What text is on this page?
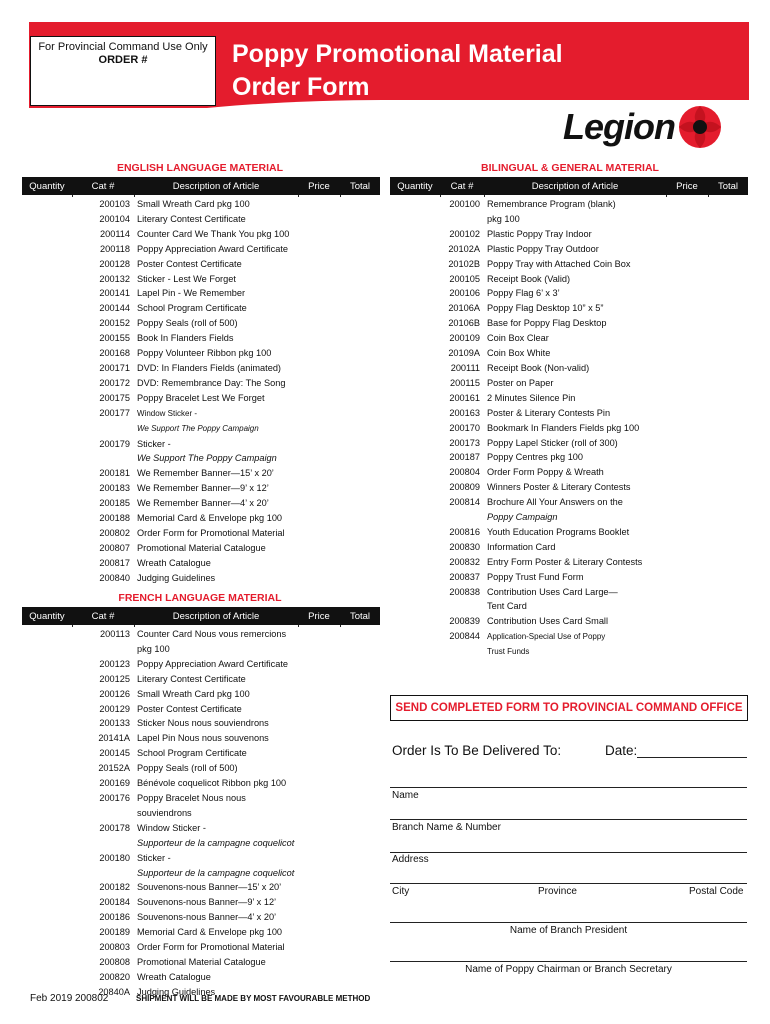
For Provincial Command Use Only
ORDER #	Poppy Promotional Material
Order Form
Legion
ENGLISH LANGUAGE MATERIAL
Quantity	Cat #	Description of Article	Price	Total
200103 Small Wreath Card pkg 100
200104 Literary Contest Certificate
200114 Counter Card We Thank You pkg 100
200118 Poppy Appreciation Award Certificate
200128 Poster Contest Certificate
200132 Sticker - Lest We Forget
200141 Lapel Pin - We Remember
200144 School Program Certificate
200152 Poppy Seals (roll of 500)
200155 Book In Flanders Fields
200168 Poppy Volunteer Ribbon pkg 100
200171 DVD: In Flanders Fields (animated)
200172 DVD: Remembrance Day: The Song
200175 Poppy Bracelet Lest We Forget
200177 Window Sticker -
We Support The Poppy Campaign
200179 Sticker -
We Support The Poppy Campaign
200181 We Remember Banner—15’ x 20’
200183 We Remember Banner—9’ x 12’
200185 We Remember Banner—4’ x 20’
200188 Memorial Card & Envelope pkg 100
200802 Order Form for Promotional Material
200807 Promotional Material Catalogue
200817 Wreath Catalogue
200840 Judging Guidelines
FRENCH LANGUAGE MATERIAL
Quantity	Cat #	Description of Article	Price	Total
200113 Counter Card Nous vous remercions
pkg 100
200123 Poppy Appreciation Award Certificate
200125 Literary Contest Certificate
200126 Small Wreath Card pkg 100
200129 Poster Contest Certificate
200133 Sticker Nous nous souviendrons
20141A Lapel Pin Nous nous souvenons
200145 School Program Certificate
20152A Poppy Seals (roll of 500)
200169 Bénévole coquelicot Ribbon pkg 100
200176 Poppy Bracelet Nous nous souviendrons
200178 Window Sticker -
Supporteur de la campagne coquelicot
200180 Sticker -
Supporteur de la campagne coquelicot
200182 Souvenons-nous Banner—15’ x 20’
200184 Souvenons-nous Banner—9’ x 12’
200186 Souvenons-nous Banner—4’ x 20’
200189 Memorial Card & Envelope pkg 100
200803 Order Form for Promotional Material
200808 Promotional Material Catalogue
200820 Wreath Catalogue
20840A Judging Guidelines
BILINGUAL & GENERAL MATERIAL
Quantity	Cat #	Description of Article	Price	Total
200100 Remembrance Program (blank)
pkg 100
200102 Plastic Poppy Tray Indoor
20102A Plastic Poppy Tray Outdoor
20102B Poppy Tray with Attached Coin Box
200105 Receipt Book (Valid)
200106 Poppy Flag 6’ x 3’
20106A Poppy Flag Desktop 10” x 5”
20106B Base for Poppy Flag Desktop
200109 Coin Box Clear
20109A Coin Box White
200111 Receipt Book (Non-valid)
200115 Poster on Paper
200161 2 Minutes Silence Pin
200163 Poster & Literary Contests Pin
200170 Bookmark In Flanders Fields pkg 100
200173 Poppy Lapel Sticker (roll of 300)
200187 Poppy Centres pkg 100
200804 Order Form Poppy & Wreath
200809 Winners Poster & Literary Contests
200814 Brochure All Your Answers on the
Poppy Campaign
200816 Youth Education Programs Booklet
200830 Information Card
200832 Entry Form Poster & Literary Contests
200837 Poppy Trust Fund Form
200838 Contribution Uses Card Large—
Tent Card
200839 Contribution Uses Card Small
200844 Application-Special Use of Poppy
Trust Funds
SEND COMPLETED FORM TO PROVINCIAL COMMAND OFFICE
Order Is To Be Delivered To:	Date:
Name
Branch Name & Number
Address
City	Province	Postal Code
Name of Branch President
Name of Poppy Chairman or Branch Secretary
Feb 2019 200802	SHIPMENT WILL BE MADE BY MOST FAVOURABLE METHOD
